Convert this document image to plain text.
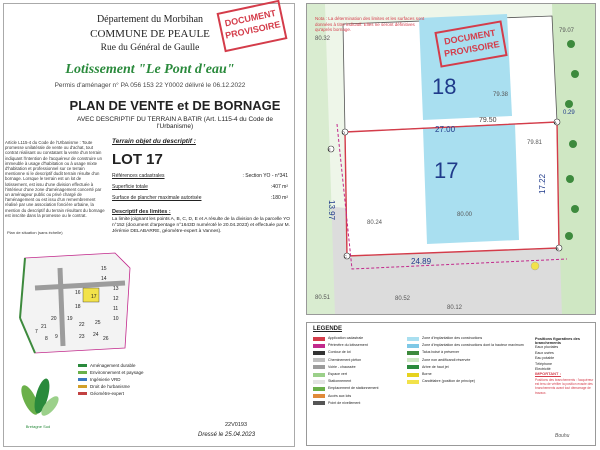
Département du Morbihan
COMMUNE DE PEAULE
Rue du Général de Gaulle
DOCUMENT PROVISOIRE
Lotissement "Le Pont d'eau"
Permis d'aménager n° PA 056 153 22 Y0002 délivré le 06.12.2022
PLAN DE VENTE et DE BORNAGE
AVEC DESCRIPTIF DU TERRAIN A BATIR (Art. L115-4 du Code de l'Urbanisme)
Article L115-4 du Code de l'Urbanisme : Toute promesse unilatérale de vente ou d'achat, tout contrat réalisant ou constatant la vente d'un terrain indiquant l'intention de l'acquéreur de construire un immeuble à usage d'habitation ou à usage mixte d'habitation et professionnel sur ce terrain mentionne si le descriptif dudit terrain résulte d'un bornage. Lorsque le terrain est un lot de lotissement, est issu d'une division effectuée à l'intérieur d'une zone d'aménagement concerté par un aménageur public ou privé chargé de l'aménagement ou est issu d'un remembrement réalisé par une association foncière urbaine, la mention du descriptif du terrain résultant du bornage est inscrite dans la promesse ou le contrat.
Terrain objet du descriptif :
LOT 17
Références cadastrales	: Section YO - n°341
Superficie totale	:407 m²
Surface de plancher maximale autorisée	:180 m²
Descriptif des limites :
La limite joignant les points A, B, C, D, E et A résulte de la division de la parcelle YO n°152 (document d'arpentage n°1643D numéroté le 20.04.2023) et effectuée par M. Jérémie DELABARRE, géomètre-expert à Vannes).
Plan de situation (sans échelle)
15
14
13
12
11
10
16
17
18
19
20
21	22
23 24
25
26
9
8
7
Aménagement durable
Environnement et paysage
Ingénierie VRD
Droit de l'urbanisme
Géomètre-expert
Bretagne Sud	22V0193
Dressé le 25.04.2023
18
17
27.00
79.50
17.22
13.97
24.89
79.38
79.07
80.32
80.51	80.52
80.12
80.24
80.00
79.81
A
B
C
D
E
0.29
Nota : La détermination des limites et les surfaces sont données à titre indicatif. Elles ne seront définitives qu'après bornage.	DOCUMENT PROVISOIRE
LEGENDE
Application cadastrale
Périmètre du lotissement
Contour de lot
Cheminement piéton
Voirie - chaussée
Espace vert
Stationnement
Emplacement de stationnement
Accès aux lots
Point de nivellement
Zone d'implantation des constructions
Zone d'implantation des constructions dont la hauteur maximum
Talus boisé à préserver
Zone non aedificandi réservée
Arbre de haut jet
Borne
Candélabre (position de principe)
Positions figuratives des branchements
Eaux pluviales
Eaux usées
Eau potable
Téléphone
Electricité
IMPORTANT :
Positions des branchements : l'acquéreur est tenu de vérifier la position exacte des branchements avant tout démarrage de travaux.
Bouhu
